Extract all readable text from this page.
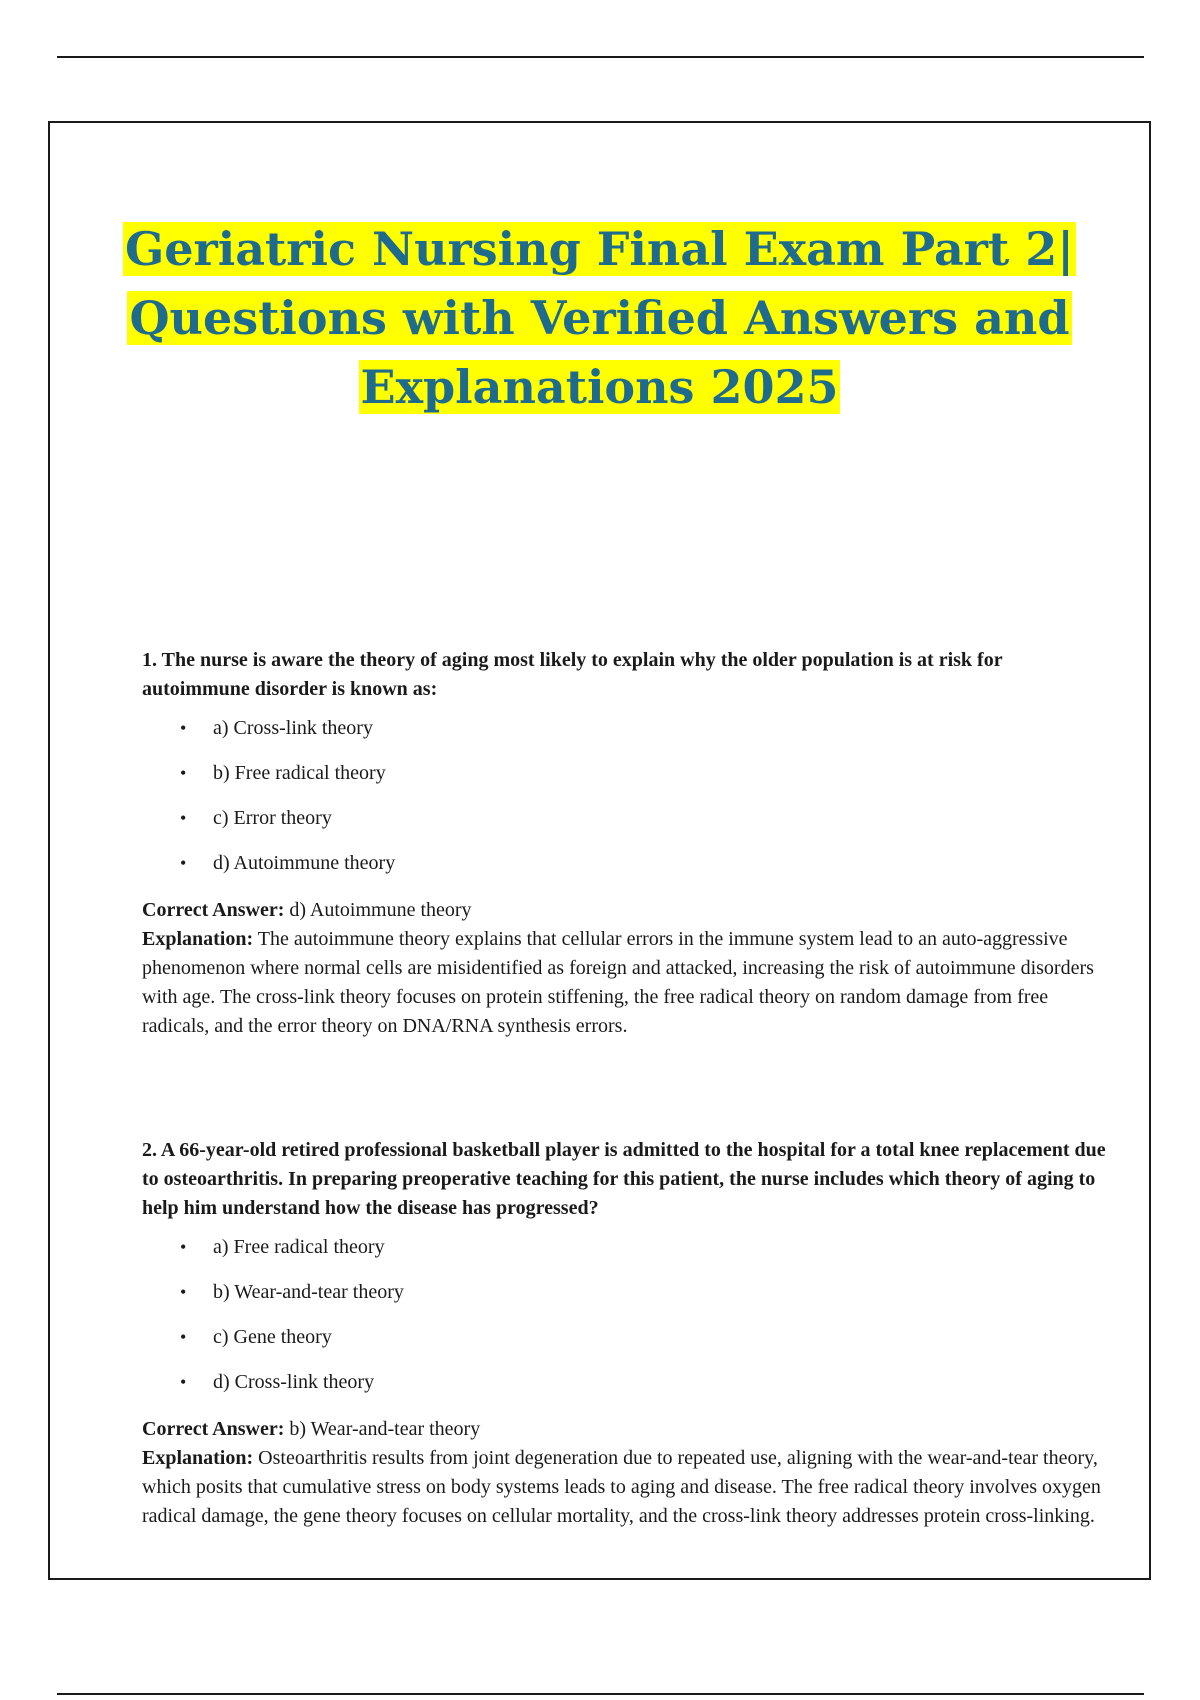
Geriatric Nursing Final Exam Part 2|
Questions with Verified Answers and
Explanations 2025

1. The nurse is aware the theory of aging most likely to explain why the older population is at risk for autoimmune disorder is known as:

• a) Cross-link theory
• b) Free radical theory
• c) Error theory
• d) Autoimmune theory

Correct Answer: d) Autoimmune theory

Explanation: The autoimmune theory explains that cellular errors in the immune system lead to an auto-aggressive phenomenon where normal cells are misidentified as foreign and attacked, increasing the risk of autoimmune disorders with age. The cross-link theory focuses on protein stiffening, the free radical theory on random damage from free radicals, and the error theory on DNA/RNA synthesis errors.

2. A 66-year-old retired professional basketball player is admitted to the hospital for a total knee replacement due to osteoarthritis. In preparing preoperative teaching for this patient, the nurse includes which theory of aging to help him understand how the disease has progressed?

• a) Free radical theory
• b) Wear-and-tear theory
• c) Gene theory
• d) Cross-link theory

Correct Answer: b) Wear-and-tear theory

Explanation: Osteoarthritis results from joint degeneration due to repeated use, aligning with the wear-and-tear theory, which posits that cumulative stress on body systems leads to aging and disease. The free radical theory involves oxygen radical damage, the gene theory focuses on cellular mortality, and the cross-link theory addresses protein cross-linking.
